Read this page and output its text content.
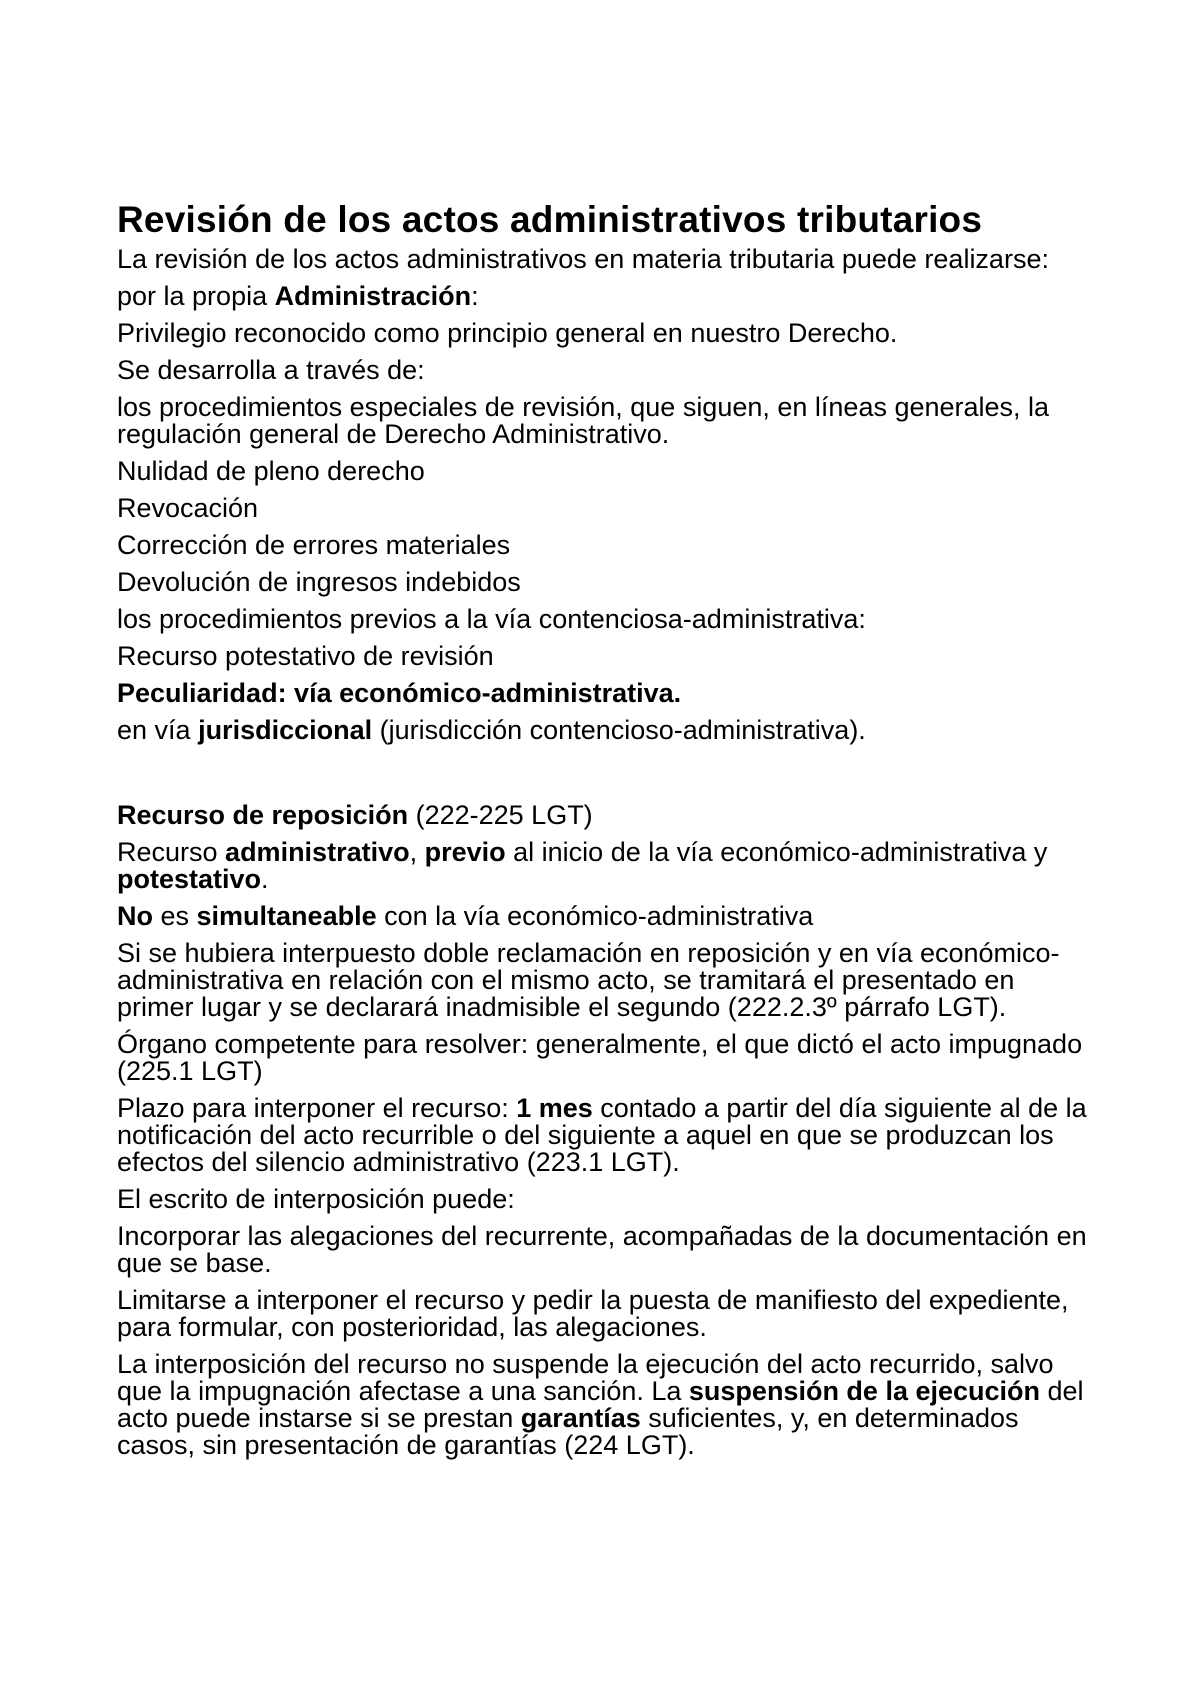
Revisión de los actos administrativos tributarios

La revisión de los actos administrativos en materia tributaria puede realizarse:

por la propia Administración:

Privilegio reconocido como principio general en nuestro Derecho.

Se desarrolla a través de:

los procedimientos especiales de revisión, que siguen, en líneas generales, la regulación general de Derecho Administrativo.

Nulidad de pleno derecho

Revocación

Corrección de errores materiales

Devolución de ingresos indebidos

los procedimientos previos a la vía contenciosa-administrativa:

Recurso potestativo de revisión

Peculiaridad: vía económico-administrativa.

en vía jurisdiccional (jurisdicción contencioso-administrativa).

Recurso de reposición (222-225 LGT)

Recurso administrativo, previo al inicio de la vía económico-administrativa y potestativo.

No es simultaneable con la vía económico-administrativa

Si se hubiera interpuesto doble reclamación en reposición y en vía económico-administrativa en relación con el mismo acto, se tramitará el presentado en primer lugar y se declarará inadmisible el segundo (222.2.3º párrafo LGT).

Órgano competente para resolver: generalmente, el que dictó el acto impugnado (225.1 LGT)

Plazo para interponer el recurso: 1 mes contado a partir del día siguiente al de la notificación del acto recurrible o del siguiente a aquel en que se produzcan los efectos del silencio administrativo (223.1 LGT).

El escrito de interposición puede:

Incorporar las alegaciones del recurrente, acompañadas de la documentación en que se base.

Limitarse a interponer el recurso y pedir la puesta de manifiesto del expediente, para formular, con posterioridad, las alegaciones.

La interposición del recurso no suspende la ejecución del acto recurrido, salvo que la impugnación afectase a una sanción. La suspensión de la ejecución del acto puede instarse si se prestan garantías suficientes, y, en determinados casos, sin presentación de garantías (224 LGT).
